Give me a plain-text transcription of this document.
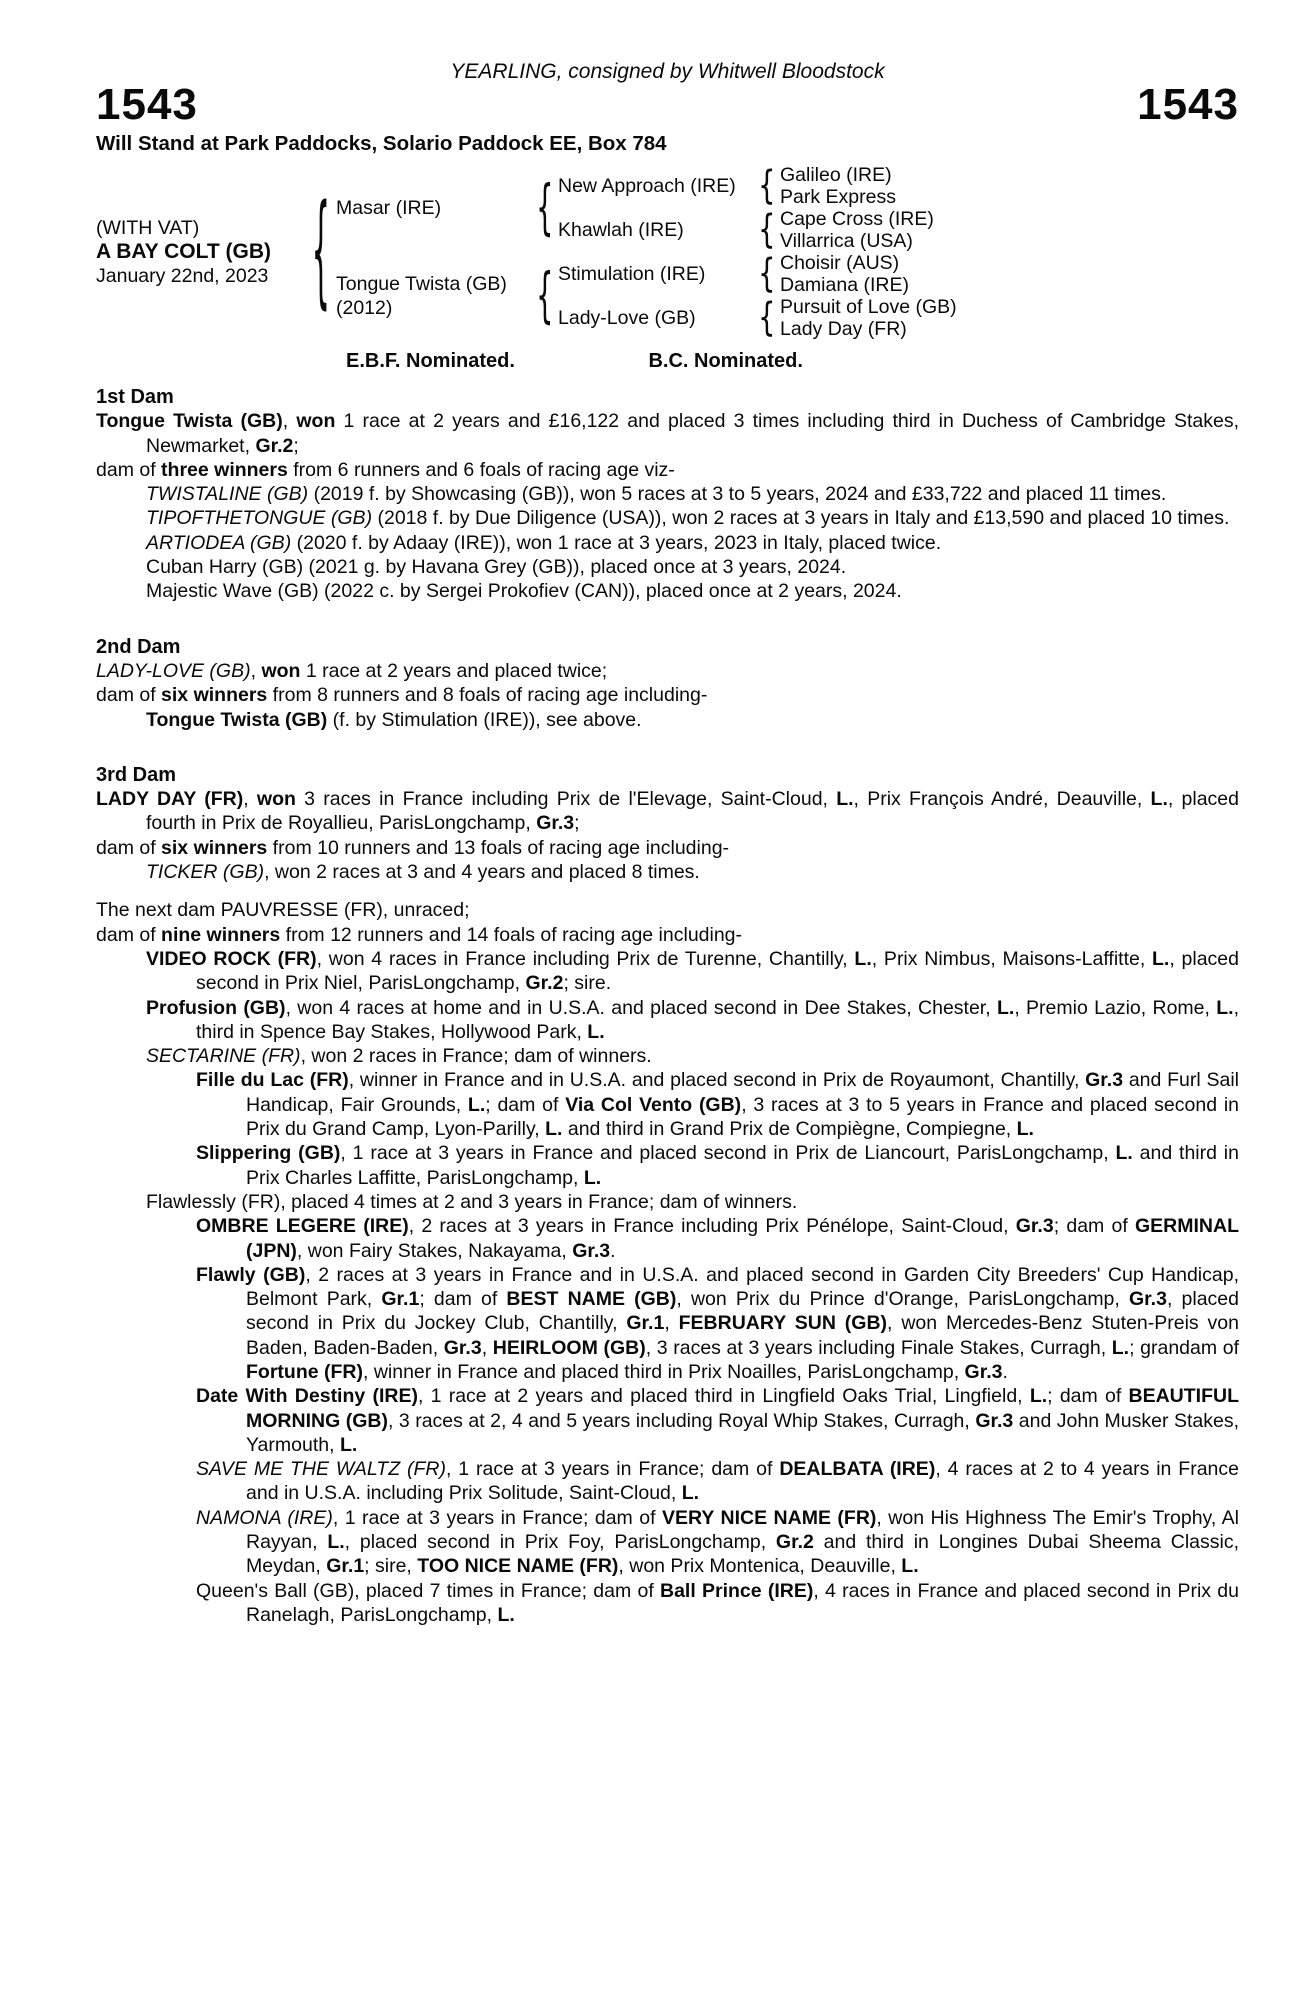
YEARLING, consigned by Whitwell Bloodstock

1543	1543
Will Stand at Park Paddocks, Solario Paddock EE, Box 784
(WITH VAT)
A BAY COLT (GB)
January 22nd, 2023 { Masar (IRE)
Tongue Twista (GB)
(2012)
{
{
New Approach (IRE)
Khawlah (IRE)
Stimulation (IRE)
Lady-Love (GB)
{
{
{
{
Galileo (IRE)
Park Express
Cape Cross (IRE)
Villarrica (USA)
Choisir (AUS)
Damiana (IRE)
Pursuit of Love (GB)
Lady Day (FR)
E.B.F. Nominated.	B.C. Nominated.

1st Dam

Tongue Twista (GB), won 1 race at 2 years and £16,122 and placed 3 times including third in Duchess of Cambridge Stakes, Newmarket, Gr.2;

dam of three winners from 6 runners and 6 foals of racing age viz-

TWISTALINE (GB) (2019 f. by Showcasing (GB)), won 5 races at 3 to 5 years, 2024 and £33,722 and placed 11 times.

TIPOFTHETONGUE (GB) (2018 f. by Due Diligence (USA)), won 2 races at 3 years in Italy and £13,590 and placed 10 times.

ARTIODEA (GB) (2020 f. by Adaay (IRE)), won 1 race at 3 years, 2023 in Italy, placed twice.

Cuban Harry (GB) (2021 g. by Havana Grey (GB)), placed once at 3 years, 2024.

Majestic Wave (GB) (2022 c. by Sergei Prokofiev (CAN)), placed once at 2 years, 2024.

2nd Dam

LADY-LOVE (GB), won 1 race at 2 years and placed twice;

dam of six winners from 8 runners and 8 foals of racing age including-

Tongue Twista (GB) (f. by Stimulation (IRE)), see above.

3rd Dam

LADY DAY (FR), won 3 races in France including Prix de l'Elevage, Saint-Cloud, L., Prix François André, Deauville, L., placed fourth in Prix de Royallieu, ParisLongchamp, Gr.3;

dam of six winners from 10 runners and 13 foals of racing age including-

TICKER (GB), won 2 races at 3 and 4 years and placed 8 times.

The next dam PAUVRESSE (FR), unraced;

dam of nine winners from 12 runners and 14 foals of racing age including-

VIDEO ROCK (FR), won 4 races in France including Prix de Turenne, Chantilly, L., Prix Nimbus, Maisons-Laffitte, L., placed second in Prix Niel, ParisLongchamp, Gr.2; sire.

Profusion (GB), won 4 races at home and in U.S.A. and placed second in Dee Stakes, Chester, L., Premio Lazio, Rome, L., third in Spence Bay Stakes, Hollywood Park, L.

SECTARINE (FR), won 2 races in France; dam of winners.

Fille du Lac (FR), winner in France and in U.S.A. and placed second in Prix de Royaumont, Chantilly, Gr.3 and Furl Sail Handicap, Fair Grounds, L.; dam of Via Col Vento (GB), 3 races at 3 to 5 years in France and placed second in Prix du Grand Camp, Lyon-Parilly, L. and third in Grand Prix de Compiègne, Compiegne, L.

Slippering (GB), 1 race at 3 years in France and placed second in Prix de Liancourt, ParisLongchamp, L. and third in Prix Charles Laffitte, ParisLongchamp, L.

Flawlessly (FR), placed 4 times at 2 and 3 years in France; dam of winners.

OMBRE LEGERE (IRE), 2 races at 3 years in France including Prix Pénélope, Saint-Cloud, Gr.3; dam of GERMINAL (JPN), won Fairy Stakes, Nakayama, Gr.3.

Flawly (GB), 2 races at 3 years in France and in U.S.A. and placed second in Garden City Breeders' Cup Handicap, Belmont Park, Gr.1; dam of BEST NAME (GB), won Prix du Prince d'Orange, ParisLongchamp, Gr.3, placed second in Prix du Jockey Club, Chantilly, Gr.1, FEBRUARY SUN (GB), won Mercedes-Benz Stuten-Preis von Baden, Baden-Baden, Gr.3, HEIRLOOM (GB), 3 races at 3 years including Finale Stakes, Curragh, L.; grandam of Fortune (FR), winner in France and placed third in Prix Noailles, ParisLongchamp, Gr.3.

Date With Destiny (IRE), 1 race at 2 years and placed third in Lingfield Oaks Trial, Lingfield, L.; dam of BEAUTIFUL MORNING (GB), 3 races at 2, 4 and 5 years including Royal Whip Stakes, Curragh, Gr.3 and John Musker Stakes, Yarmouth, L.

SAVE ME THE WALTZ (FR), 1 race at 3 years in France; dam of DEALBATA (IRE), 4 races at 2 to 4 years in France and in U.S.A. including Prix Solitude, Saint-Cloud, L.

NAMONA (IRE), 1 race at 3 years in France; dam of VERY NICE NAME (FR), won His Highness The Emir's Trophy, Al Rayyan, L., placed second in Prix Foy, ParisLongchamp, Gr.2 and third in Longines Dubai Sheema Classic, Meydan, Gr.1; sire, TOO NICE NAME (FR), won Prix Montenica, Deauville, L.

Queen's Ball (GB), placed 7 times in France; dam of Ball Prince (IRE), 4 races in France and placed second in Prix du Ranelagh, ParisLongchamp, L.
